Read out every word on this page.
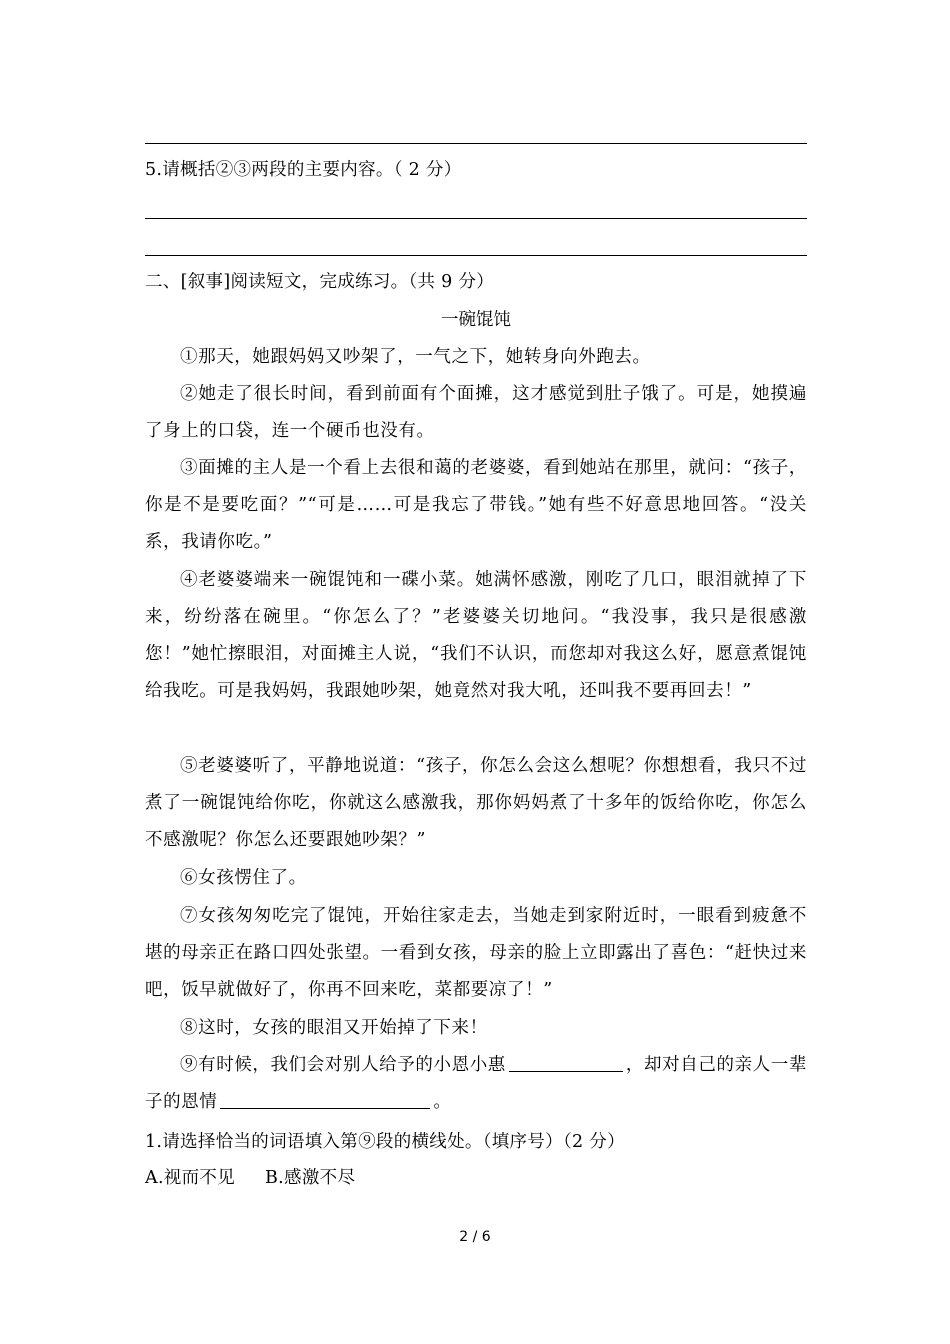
5.请概括②③两段的主要内容。（ 2 分）
二、[叙事]阅读短文，完成练习。（共 9 分）
一碗馄饨
①那天，她跟妈妈又吵架了，一气之下，她转身向外跑去。
②她走了很长时间，看到前面有个面摊，这才感觉到肚子饿了。可是，她摸遍了身上的口袋，连一个硬币也没有。
③面摊的主人是一个看上去很和蔼的老婆婆，看到她站在那里，就问：“孩子，你是不是要吃面？”“可是……可是我忘了带钱。”她有些不好意思地回答。“没关系，我请你吃。”
④老婆婆端来一碗馄饨和一碟小菜。她满怀感激，刚吃了几口，眼泪就掉了下来，纷纷落在碗里。“你怎么了？”老婆婆关切地问。“我没事，我只是很感激您！”她忙擦眼泪，对面摊主人说，“我们不认识，而您却对我这么好，愿意煮馄饨给我吃。可是我妈妈，我跟她吵架，她竟然对我大吼，还叫我不要再回去！”
⑤老婆婆听了，平静地说道：“孩子，你怎么会这么想呢？你想想看，我只不过煮了一碗馄饨给你吃，你就这么感激我，那你妈妈煮了十多年的饭给你吃，你怎么不感激呢？你怎么还要跟她吵架？”
⑥女孩愣住了。
⑦女孩匆匆吃完了馄饨，开始往家走去，当她走到家附近时，一眼看到疲惫不堪的母亲正在路口四处张望。一看到女孩，母亲的脸上立即露出了喜色：“赶快过来吧，饭早就做好了，你再不回来吃，菜都要凉了！”
⑧这时，女孩的眼泪又开始掉了下来！
⑨有时候，我们会对别人给予的小恩小惠	，却对自己的亲人一辈子的恩情	。
1.请选择恰当的词语填入第⑨段的横线处。（填序号）（2 分）
A.视而不见 B.感激不尽
2 / 6
